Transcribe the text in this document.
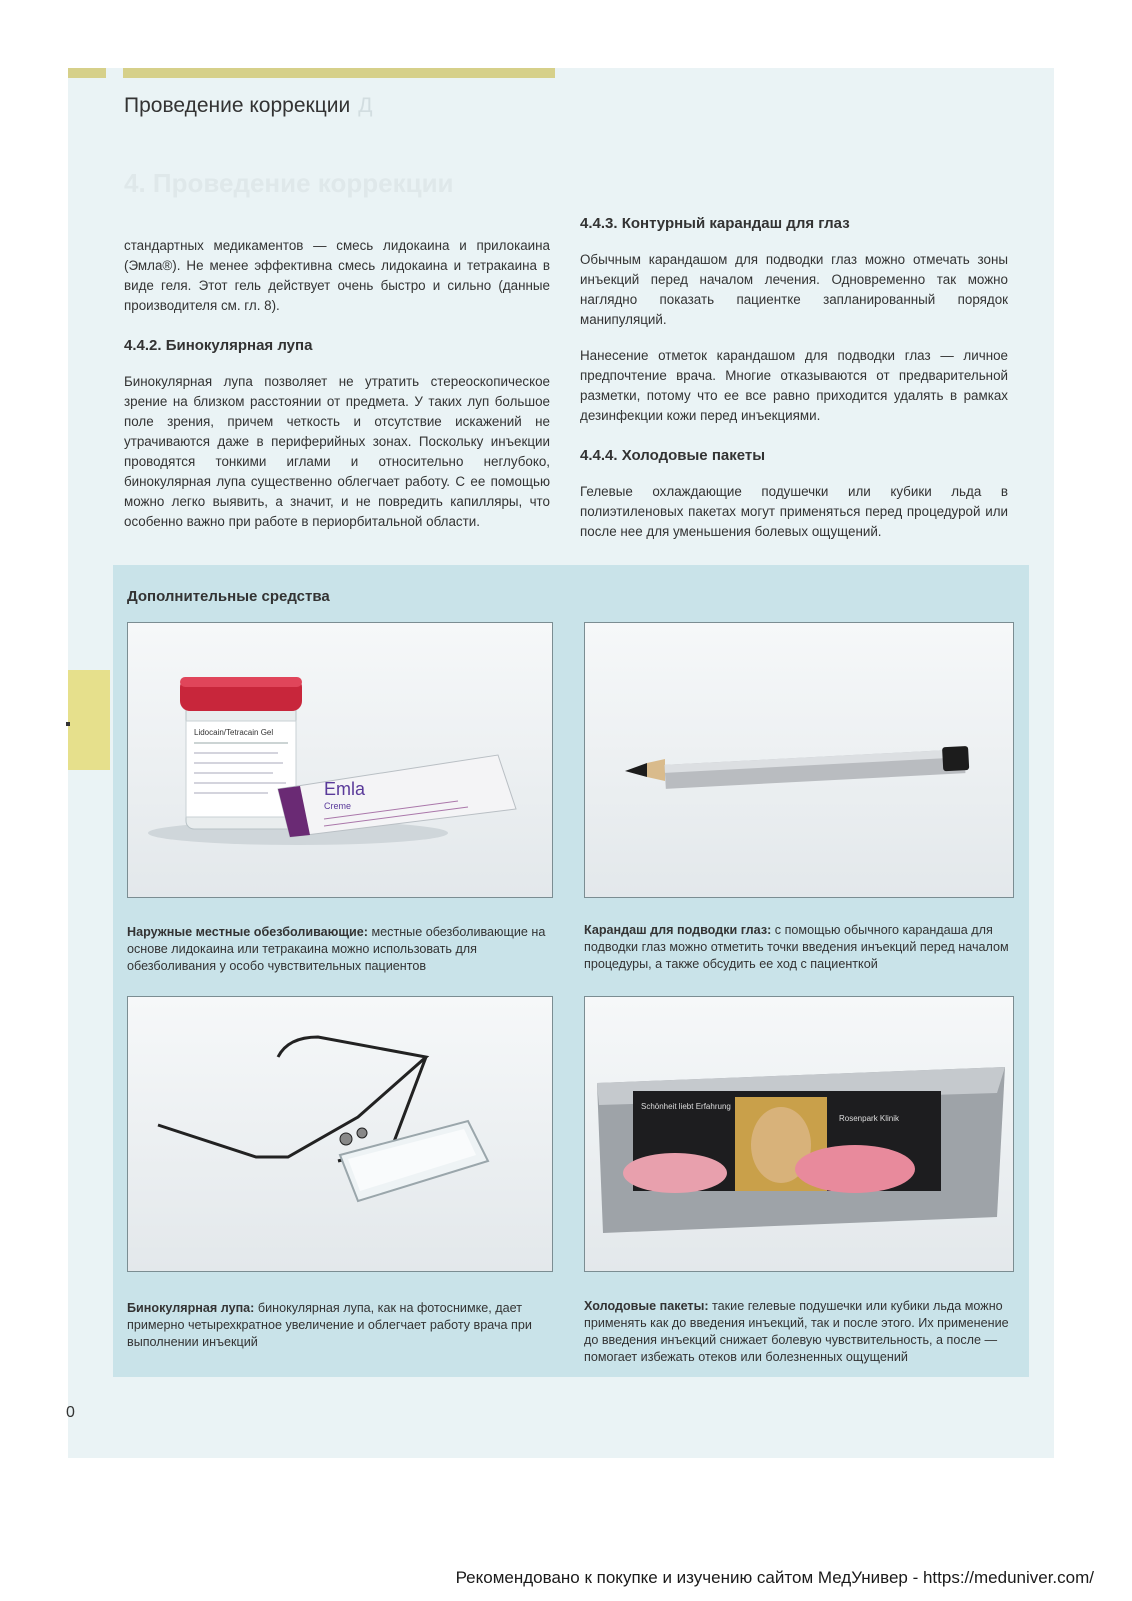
Проведение коррекции Д
4. Проведение коррекции

стандартных медикаментов — смесь лидокаина и прилокаина (Эмла®). Не менее эффективна смесь лидокаина и тетракаина в виде геля. Этот гель действует очень быстро и сильно (данные производителя см. гл. 8).

4.4.2. Бинокулярная лупа

Бинокулярная лупа позволяет не утратить стереоскопическое зрение на близком расстоянии от предмета. У таких луп большое поле зрения, причем четкость и отсутствие искажений не утрачиваются даже в периферийных зонах. Поскольку инъекции проводятся тонкими иглами и относительно неглубоко, бинокулярная лупа существенно облегчает работу. С ее помощью можно легко выявить, а значит, и не повредить капилляры, что особенно важно при работе в периорбитальной области.

4.4.3. Контурный карандаш для глаз

Обычным карандашом для подводки глаз можно отмечать зоны инъекций перед началом лечения. Одновременно так можно наглядно показать пациентке запланированный порядок манипуляций.

Нанесение отметок карандашом для подводки глаз — личное предпочтение врача. Многие отказываются от предварительной разметки, потому что ее все равно приходится удалять в рамках дезинфекции кожи перед инъекциями.

4.4.4. Холодовые пакеты

Гелевые охлаждающие подушечки или кубики льда в полиэтиленовых пакетах могут применяться перед процедурой или после нее для уменьшения болевых ощущений.

Дополнительные средства
Lidocain/Tetracain Gel
Emla
Creme
Schönheit liebt Erfahrung
Rosenpark Klinik
Наружные местные обезболивающие: местные обезболивающие на основе лидокаина или тетракаина можно использовать для обезболивания у особо чувствительных пациентов
Карандаш для подводки глаз: с помощью обычного карандаша для подводки глаз можно отметить точки введения инъекций перед началом процедуры, а также обсудить ее ход с пациенткой
Бинокулярная лупа: бинокулярная лупа, как на фотоснимке, дает примерно четырехкратное увеличение и облегчает работу врача при выполнении инъекций
Холодовые пакеты: такие гелевые подушечки или кубики льда можно применять как до введения инъекций, так и после этого. Их применение до введения инъекций снижает болевую чувствительность, а после — помогает избежать отеков или болезненных ощущений
0
Рекомендовано к покупке и изучению сайтом МедУнивер - https://meduniver.com/
